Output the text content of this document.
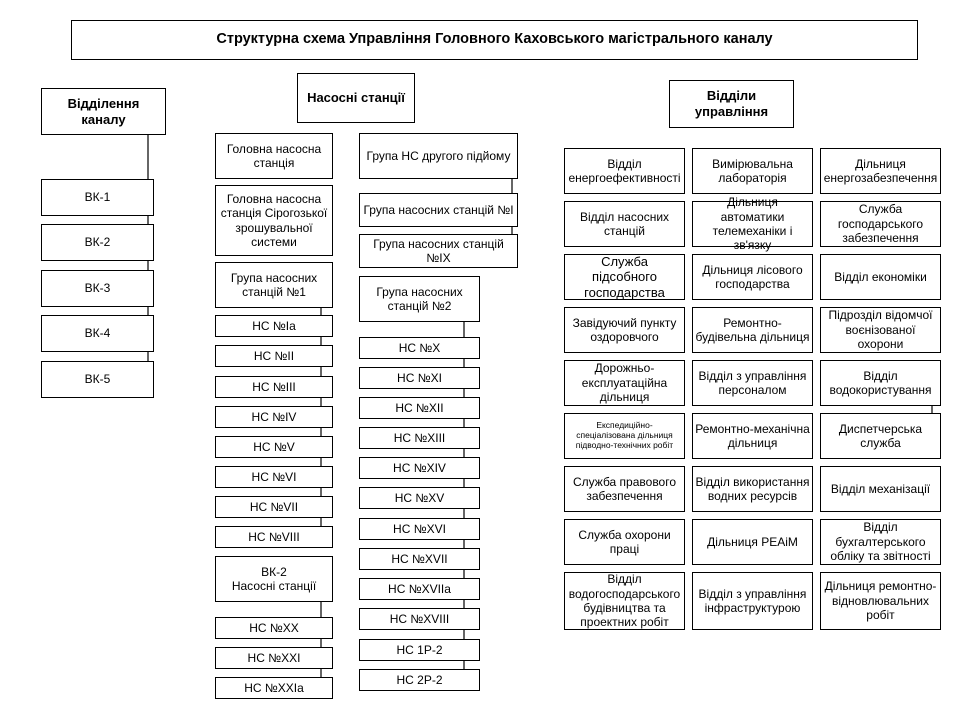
Структурна схема Управління Головного Каховського магістрального каналу
Відділення каналу
ВК-1
ВК-2
ВК-3
ВК-4
ВК-5
Насосні станції
Головна насосна станція
Головна насосна станція Сірогозької зрошувальної системи
Група насосних станцій №1
НС №Ia
НС №II
НС №III
НС №IV
НС №V
НС №VI
НС №VII
НС №VIII
ВК-2
Насосні станції
НС №XX
НС №XXI
НС №XXIa
Група НС другого підйому
Група насосних станцій №I
Група насосних станцій №IX
Група насосних станцій №2
НС №X
НС №XI
НС №XII
НС №XIII
НС №XIV
НС №XV
НС №XVI
НС №XVII
НС №XVIIa
НС №XVIII
НС 1Р-2
НС 2Р-2
Відділи управління
Відділ енергоефективності
Відділ насосних станцій
Служба підсобного господарства
Завідуючий пункту оздоровчого
Дорожньо-експлуатаційна дільниця
Експедиційно-спеціалізована дільниця підводно-технічних робіт
Служба правового забезпечення
Служба охорони праці
Відділ водогосподарського будівництва та проектних робіт
Вимірювальна лабораторія
Дільниця автоматики телемеханіки і зв'язку
Дільниця лісового господарства
Ремонтно-будівельна дільниця
Відділ з управління персоналом
Ремонтно-механічна дільниця
Відділ використання водних ресурсів
Дільниця РЕАіМ
Відділ з управління інфраструктурою
Дільниця енергозабезпечення
Служба господарського забезпечення
Відділ економіки
Підрозділ відомчої воєнізованої охорони
Відділ водокористування
Диспетчерська служба
Відділ механізації
Відділ бухгалтерського обліку та звітності
Дільниця ремонтно-відновлювальних робіт
